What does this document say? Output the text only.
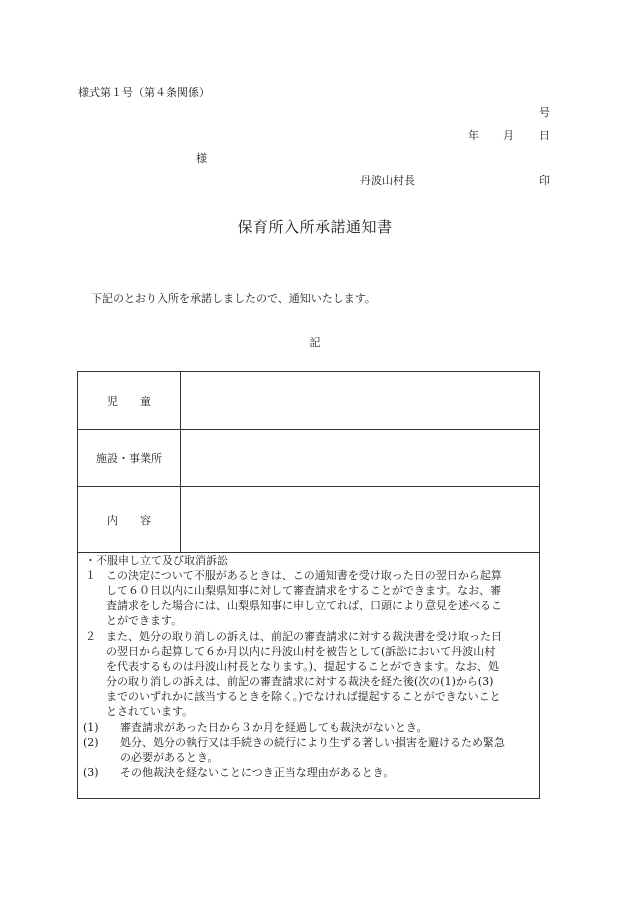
様式第１号（第４条関係）
号
年 月 日
様
丹波山村長	印
保育所入所承諾通知書
下記のとおり入所を承諾しましたので、通知いたします。
記
児　　童
施設・事業所
内　　容
・不服申し立て及び取消訴訟
１ この決定について不服があるときは、この通知書を受け取った日の翌日から起算
して６０日以内に山梨県知事に対して審査請求をすることができます。なお、審
査請求をした場合には、山梨県知事に申し立てれば、口頭により意見を述べるこ
とができます。
２ また、処分の取り消しの訴えは、前記の審査請求に対する裁決書を受け取った日
の翌日から起算して６か月以内に丹波山村を被告として(訴訟において丹波山村
を代表するものは丹波山村長となります。)、提起することができます。なお、処
分の取り消しの訴えは、前記の審査請求に対する裁決を経た後(次の(1)から(3)
までのいずれかに該当するときを除く。)でなければ提起することができないこと
とされています。
(1) 審査請求があった日から３か月を経過しても裁決がないとき。
(2) 処分、処分の執行又は手続きの続行により生ずる著しい損害を避けるため緊急
の必要があるとき。
(3) その他裁決を経ないことにつき正当な理由があるとき。
